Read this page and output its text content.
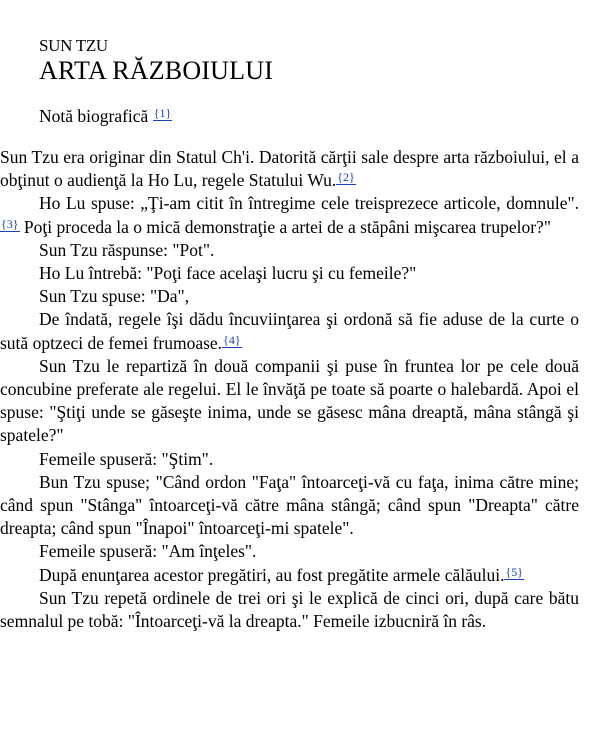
SUN TZU
ARTA RĂZBOIULUI
Notă biografică $^{\{1\}}$

Sun Tzu era originar din Statul Ch'i. Datorită cărţii sale despre arta războiului, el a obţinut o audienţă la Ho Lu, regele Statului Wu.$^{\{2\}}$

Ho Lu spuse: „Ţi-am citit în întregime cele treisprezece articole, domnule".$^{\{3\}}$ Poţi proceda la o mică demonstraţie a artei de a stăpâni mişcarea trupelor?"

Sun Tzu răspunse: "Pot".

Ho Lu întrebă: "Poţi face acelaşi lucru şi cu femeile?"

Sun Tzu spuse: "Da",

De îndată, regele îşi dădu încuviinţarea şi ordonă să fie aduse de la curte o sută optzeci de femei frumoase.$^{\{4\}}$

Sun Tzu le repartiză în două companii şi puse în fruntea lor pe cele două concubine preferate ale regelui. El le învăţă pe toate să poarte o halebardă. Apoi el spuse: "Ştiţi unde se găseşte inima, unde se găsesc mâna dreaptă, mâna stângă şi spatele?"

Femeile spuseră: "Ştim".

Bun Tzu spuse; "Când ordon "Faţa" întoarceţi-vă cu faţa, inima către mine; când spun "Stânga" întoarceţi-vă către mâna stângă; când spun "Dreapta" către dreapta; când spun "Înapoi" întoarceţi-mi spatele".

Femeile spuseră: "Am înţeles".

După enunţarea acestor pregătiri, au fost pregătite armele călăului.$^{\{5\}}$

Sun Tzu repetă ordinele de trei ori şi le explică de cinci ori, după care bătu semnalul pe tobă: "Întoarceţi-vă la dreapta." Femeile izbucniră în râs.
